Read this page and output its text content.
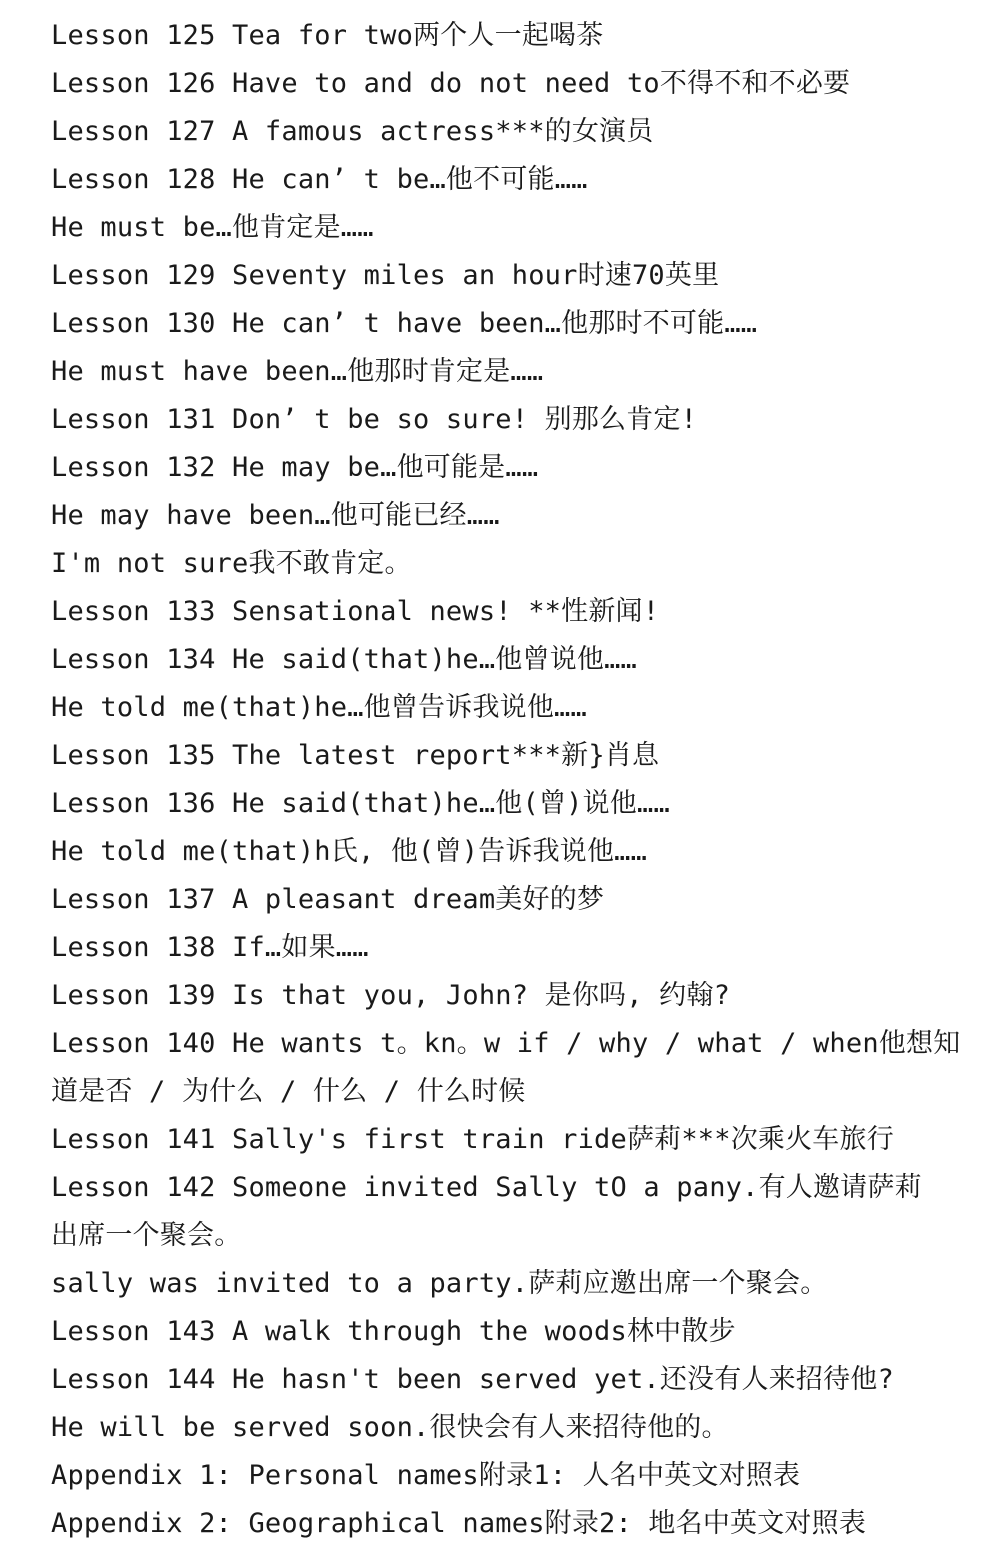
Lesson 125 Tea for two两个人一起喝茶
Lesson 126 Have to and do not need to不得不和不必要
Lesson 127 A famous actress***的女演员
Lesson 128 He can’ t be…他不可能……
He must be…他肯定是……
Lesson 129 Seventy miles an hour时速70英里
Lesson 130 He can’ t have been…他那时不可能……
He must have been…他那时肯定是……
Lesson 131 Don’ t be so sure! 别那么肯定!
Lesson 132 He may be…他可能是……
He may have been…他可能已经……
I'm not sure我不敢肯定。
Lesson 133 Sensational news! **性新闻!
Lesson 134 He said(that)he…他曾说他……
He told me(that)he…他曾告诉我说他……
Lesson 135 The latest report***新}肖息
Lesson 136 He said(that)he…他(曾)说他……
He told me(that)h氏, 他(曾)告诉我说他……
Lesson 137 A pleasant dream美好的梦
Lesson 138 If…如果……
Lesson 139 Is that you, John? 是你吗, 约翰?
Lesson 140 He wants t。kn。w if / why / what / when他想知
道是否 / 为什么 / 什么 / 什么时候
Lesson 141 Sally's first train ride萨莉***次乘火车旅行
Lesson 142 Someone invited Sally tO a pany.有人邀请萨莉
出席一个聚会。
sally was invited to a party.萨莉应邀出席一个聚会。
Lesson 143 A walk through the woods林中散步
Lesson 144 He hasn't been served yet.还没有人来招待他?
He will be served soon.很快会有人来招待他的。
Appendix 1: Personal names附录1: 人名中英文对照表
Appendix 2: Geographical names附录2: 地名中英文对照表
